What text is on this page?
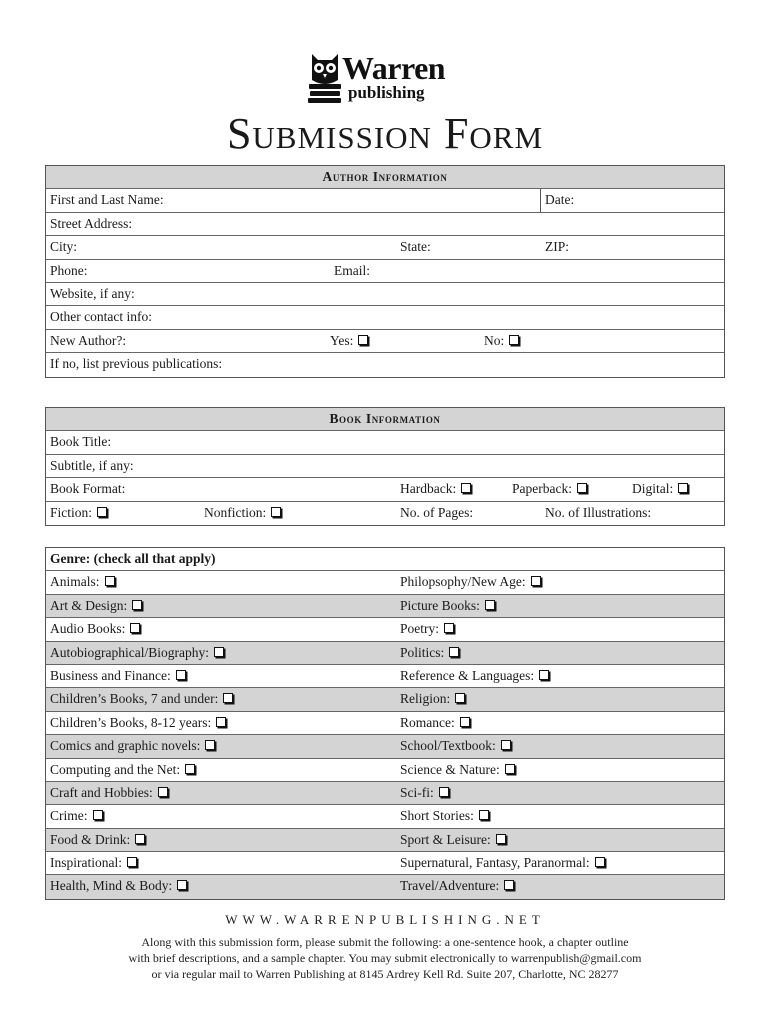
Warren
publishing
Submission Form
Author Information
First and Last Name:	Date:
Street Address:
City:	State:	ZIP:
Phone:	Email:
Website, if any:
Other contact info:
New Author?:	Yes:	No:
If no, list previous publications:
Book Information
Book Title:
Subtitle, if any:
Book Format:	Hardback:	Paperback:	Digital:
Fiction:	Nonfiction:	No. of Pages:	No. of Illustrations:
Genre: (check all that apply)
Animals:	Philopsophy/New Age:
Art & Design:	Picture Books:
Audio Books:	Poetry:
Autobiographical/Biography:	Politics:
Business and Finance:	Reference & Languages:
Children’s Books, 7 and under:	Religion:
Children’s Books, 8-12 years:	Romance:
Comics and graphic novels:	School/Textbook:
Computing and the Net:	Science & Nature:
Craft and Hobbies:	Sci-fi:
Crime:	Short Stories:
Food & Drink:	Sport & Leisure:
Inspirational:	Supernatural, Fantasy, Paranormal:
Health, Mind & Body:	Travel/Adventure:
WWW.WARRENPUBLISHING.NET
Along with this submission form, please submit the following: a one-sentence hook, a chapter outline
with brief descriptions, and a sample chapter. You may submit electronically to warrenpublish@gmail.com
or via regular mail to Warren Publishing at 8145 Ardrey Kell Rd. Suite 207, Charlotte, NC 28277
